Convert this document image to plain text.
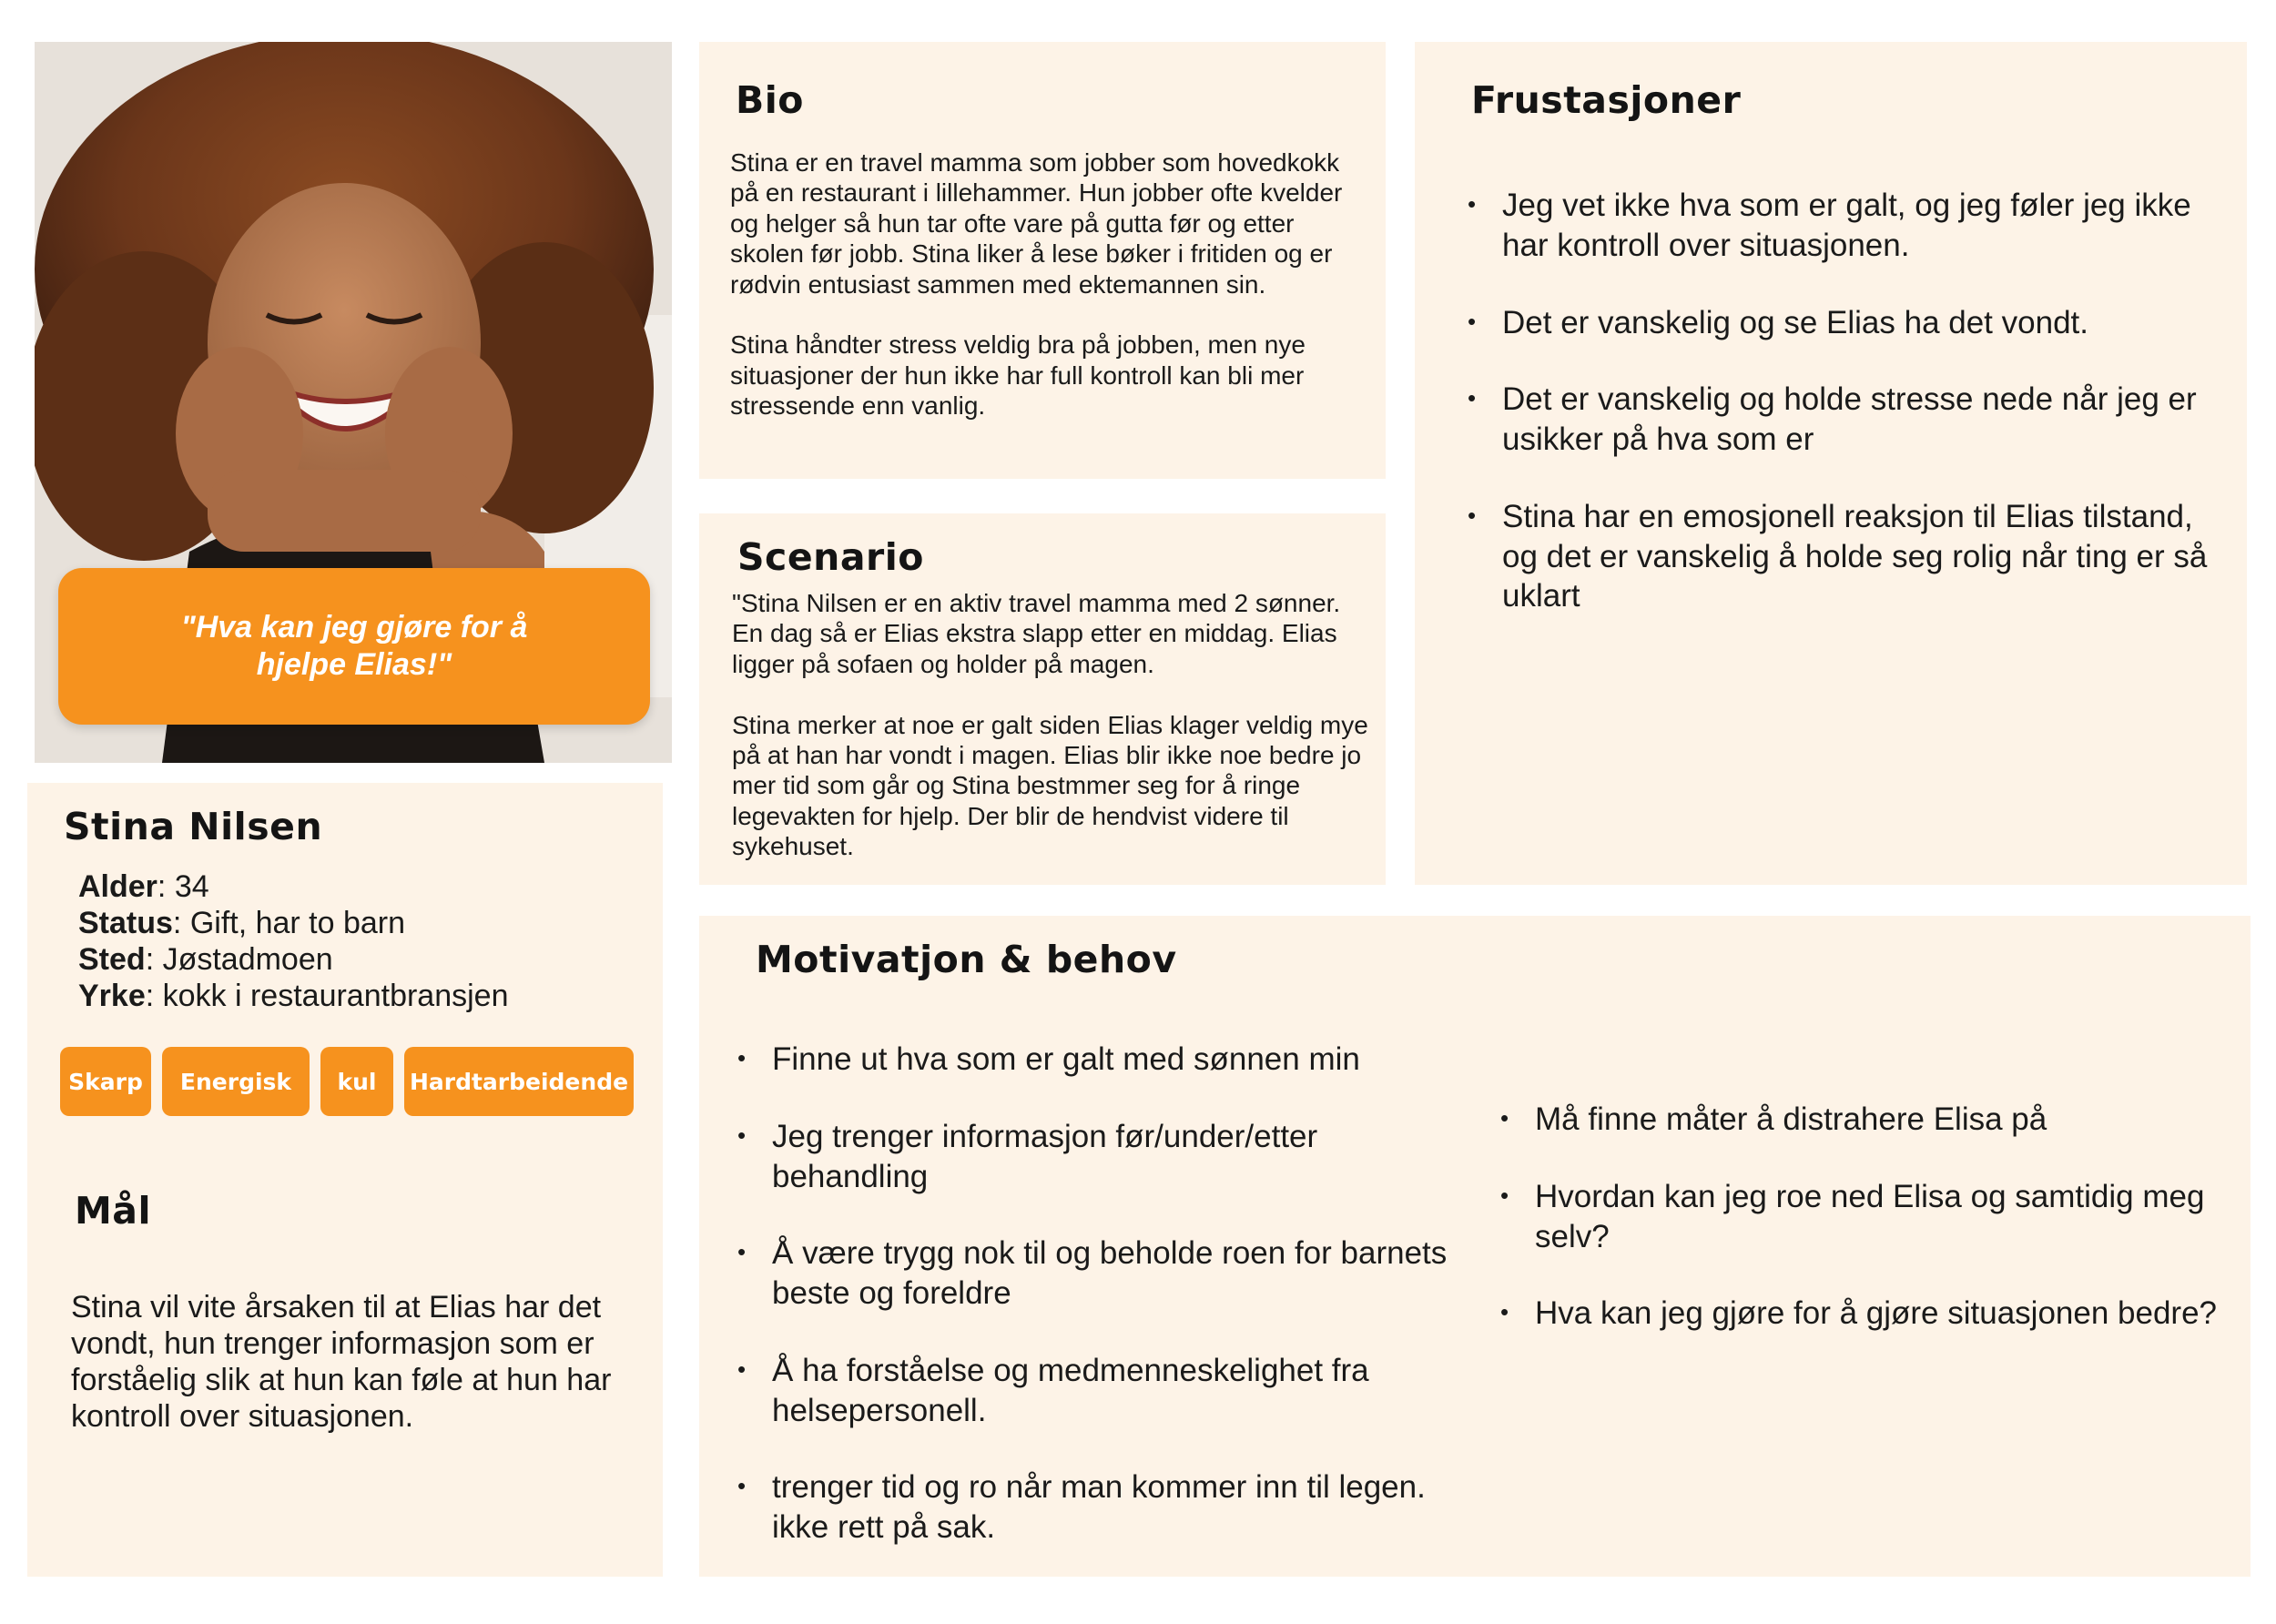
"Hva kan jeg gjøre for å hjelpe Elias!"
Stina Nilsen
Alder: 34
Status: Gift, har to barn
Sted: Jøstadmoen
Yrke: kokk i restaurantbransjen
Skarp	Energisk	kul	Hardtarbeidende
Mål
Stina vil vite årsaken til at Elias har det vondt, hun trenger informasjon som er forståelig slik at hun kan føle at hun har kontroll over situasjonen.
Bio
Stina er en travel mamma som jobber som hovedkokk på en restaurant i lillehammer. Hun jobber ofte kvelder og helger så hun tar ofte vare på gutta før og etter skolen før jobb. Stina liker å lese bøker i fritiden og er rødvin entusiast sammen med ektemannen sin.

Stina håndter stress veldig bra på jobben, men nye situasjoner der hun ikke har full kontroll kan bli mer stressende enn vanlig.
Scenario
"Stina Nilsen er en aktiv travel mamma med 2 sønner. En dag så er Elias ekstra slapp etter en middag. Elias ligger på sofaen og holder på magen.

Stina merker at noe er galt siden Elias klager veldig mye på at han har vondt i magen. Elias blir ikke noe bedre jo mer tid som går og Stina bestmmer seg for å ringe legevakten for hjelp. Der blir de hendvist videre til sykehuset.
Frustasjoner
• Jeg vet ikke hva som er galt, og jeg føler jeg ikke har kontroll over situasjonen.
• Det er vanskelig og se Elias ha det vondt.
• Det er vanskelig og holde stresse nede når jeg er usikker på hva som er
• Stina har en emosjonell reaksjon til Elias tilstand, og det er vanskelig å holde seg rolig når ting er så uklart
Motivatjon & behov
• Finne ut hva som er galt med sønnen min
• Jeg trenger informasjon før/under/etter behandling
• Å være trygg nok til og beholde roen for barnets beste og foreldre
• Å ha forståelse og medmenneskelighet fra helsepersonell.
• trenger tid og ro når man kommer inn til legen. ikke rett på sak.
• Må finne måter å distrahere Elisa på
• Hvordan kan jeg roe ned Elisa og samtidig meg selv?
• Hva kan jeg gjøre for å gjøre situasjonen bedre?
